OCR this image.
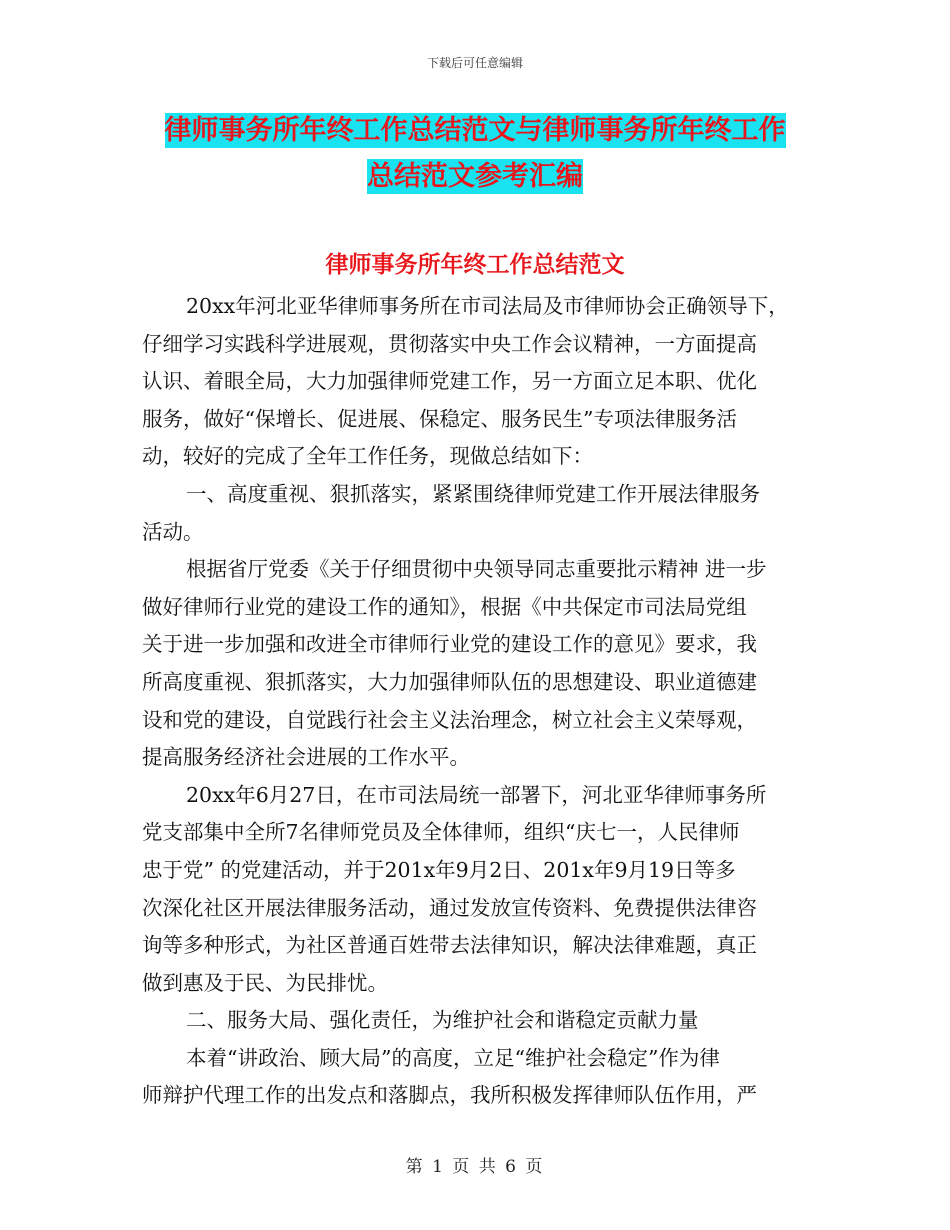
下载后可任意编辑
律师事务所年终工作总结范文与律师事务所年终工作
总结范文参考汇编
律师事务所年终工作总结范文
20xx年河北亚华律师事务所在市司法局及市律师协会正确领导下，
仔细学习实践科学进展观，贯彻落实中央工作会议精神，一方面提高
认识、着眼全局，大力加强律师党建工作，另一方面立足本职、优化
服务，做好“保增长、促进展、保稳定、服务民生”专项法律服务活
动，较好的完成了全年工作任务，现做总结如下：
一、高度重视、狠抓落实，紧紧围绕律师党建工作开展法律服务
活动。
根据省厅党委《关于仔细贯彻中央领导同志重要批示精神 进一步
做好律师行业党的建设工作的通知》，根据《中共保定市司法局党组
关于进一步加强和改进全市律师行业党的建设工作的意见》要求，我
所高度重视、狠抓落实，大力加强律师队伍的思想建设、职业道德建
设和党的建设，自觉践行社会主义法治理念，树立社会主义荣辱观，
提高服务经济社会进展的工作水平。
20xx年6月27日，在市司法局统一部署下，河北亚华律师事务所
党支部集中全所7名律师党员及全体律师，组织“庆七一，人民律师
忠于党” 的党建活动，并于201x年9月2日、201x年9月19日等多
次深化社区开展法律服务活动，通过发放宣传资料、免费提供法律咨
询等多种形式，为社区普通百姓带去法律知识，解决法律难题，真正
做到惠及于民、为民排忧。
二、服务大局、强化责任，为维护社会和谐稳定贡献力量
本着“讲政治、顾大局”的高度，立足“维护社会稳定”作为律
师辩护代理工作的出发点和落脚点，我所积极发挥律师队伍作用，严
第 1 页 共 6 页
